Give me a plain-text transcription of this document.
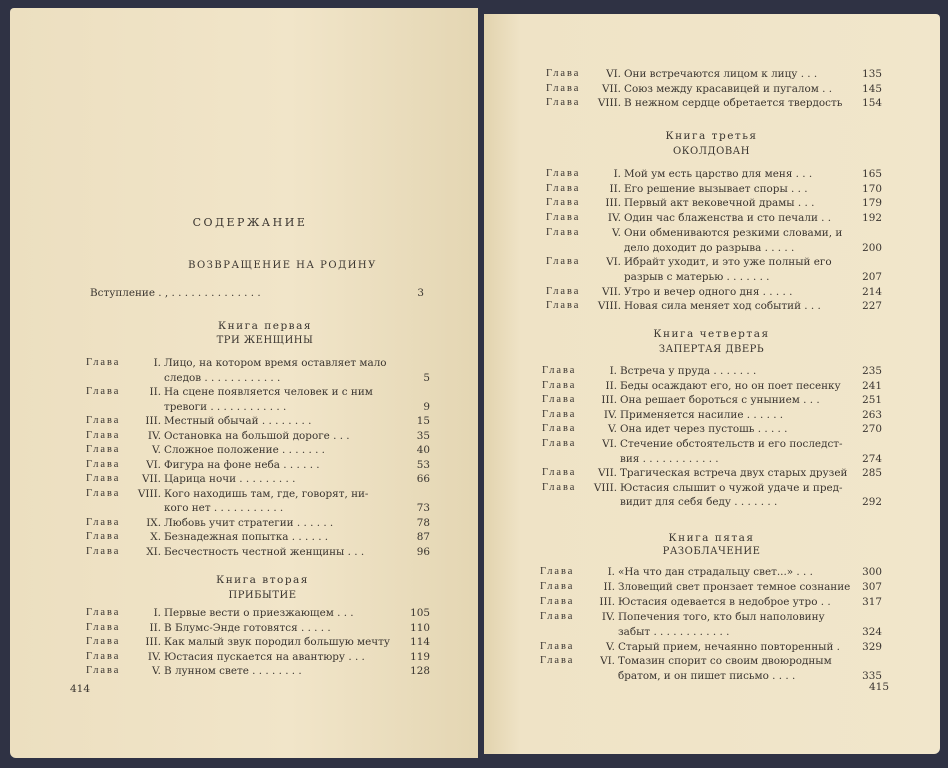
СОДЕРЖАНИЕ
ВОЗВРАЩЕНИЕ НА РОДИНУ
Вступление . , . . . . . . . . . . . . . .	3
Книга первая
ТРИ ЖЕНЩИНЫ
Глава	I. Лицо, на котором время оставляет мало
следов . . . . . . . . . . . .	5
Глава	II. На сцене появляется человек и с ним
тревоги . . . . . . . . . . . .	9
Глава	III. Местный обычай . . . . . . . .	15
Глава	IV. Остановка на большой дороге . . .	35
Глава	V. Сложное положение . . . . . . .	40
Глава	VI. Фигура на фоне неба . . . . . .	53
Глава	VII. Царица ночи . . . . . . . . .	66
Глава	VIII. Кого находишь там, где, говорят, ни-
кого нет . . . . . . . . . . .	73
Глава	IX. Любовь учит стратегии . . . . . .	78
Глава	X. Безнадежная попытка . . . . . .	87
Глава	XI. Бесчестность честной женщины . . .	96
Книга вторая
ПРИБЫТИЕ
Глава	I. Первые вести о приезжающем . . .	105
Глава	II. В Блумс-Энде готовятся . . . . .	110
Глава	III. Как малый звук породил большую мечту	114
Глава	IV. Юстасия пускается на авантюру . . .	119
Глава	V. В лунном свете . . . . . . . .	128
414
Глава	VI. Они встречаются лицом к лицу . . .	135
Глава	VII. Союз между красавицей и пугалом . .	145
Глава	VIII. В нежном сердце обретается твердость	154
Книга третья
ОКОЛДОВАН
Глава	I. Мой ум есть царство для меня . . .	165
Глава	II. Его решение вызывает споры . . .	170
Глава	III. Первый акт вековечной драмы . . .	179
Глава	IV. Один час блаженства и сто печали . .	192
Глава	V. Они обмениваются резкими словами, и
дело доходит до разрыва . . . . .	200
Глава	VI. Ибрайт уходит, и это уже полный его
разрыв с матерью . . . . . . .	207
Глава	VII. Утро и вечер одного дня . . . . .	214
Глава	VIII. Новая сила меняет ход событий . . .	227
Книга четвертая
ЗАПЕРТАЯ ДВЕРЬ
Глава	I. Встреча у пруда . . . . . . .	235
Глава	II. Беды осаждают его, но он поет песенку	241
Глава	III. Она решает бороться с унынием . . .	251
Глава	IV. Применяется насилие . . . . . .	263
Глава	V. Она идет через пустошь . . . . .	270
Глава	VI. Стечение обстоятельств и его последст-
вия . . . . . . . . . . . .	274
Глава	VII. Трагическая встреча двух старых друзей	285
Глава	VIII. Юстасия слышит о чужой удаче и пред-
видит для себя беду . . . . . . .	292
Книга пятая
РАЗОБЛАЧЕНИЕ
Глава	I. «На что дан страдальцу свет...» . . .	300
Глава	II. Зловещий свет пронзает темное сознание	307
Глава	III. Юстасия одевается в недоброе утро . .	317
Глава	IV. Попечения того, кто был наполовину
забыт . . . . . . . . . . . .	324
Глава	V. Старый прием, нечаянно повторенный .	329
Глава	VI. Томазин спорит со своим двоюродным
братом, и он пишет письмо . . . .	335
415
